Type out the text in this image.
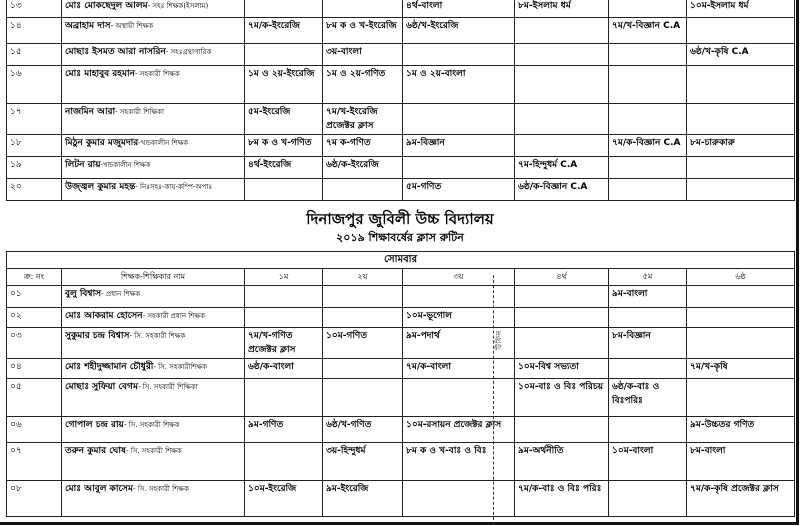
১৩	মোঃ মোকছেদুল আলম- সহঃ শিক্ষক(ইসলাম)			৪র্থ-বাংলা	৮ম-ইসলাম ধর্ম		১০ম-ইসলাম ধর্ম
১৪	অব্রাহাম দাস- অস্থায়ী শিক্ষক	৭ম/ক-ইংরেজি	৮ম ক ও খ-ইংরেজি	৬ষ্ঠ/খ-ইংরেজি		৭ম/খ-বিজ্ঞান C.A	
১৫	মোছাঃ ইসমত আরা নাসরিন- সহঃগ্রন্থাগারিক		৩য়-বাংলা				৬ষ্ঠ/খ-কৃষি C.A
১৬	মোঃ মাহাবুব রহমান- সহকারী শিক্ষক	১ম ও ২য়-ইংরেজি	১ম ও ২য়-গণিত	১ম ও ২য়-বাংলা			
১৭	নাজমিন আরা- সহকারী শিক্ষিকা	৫ম-ইংরেজি	৭ম/খ-ইংরেজি প্রজেক্টর ক্লাস				
১৮	মিঠুন কুমার মজুমদার-খন্ডকালীন শিক্ষক	৮ম ক ও খ-গণিত	৭ম ক-গণিত	৯ম-বিজ্ঞান		৭ম/ক-বিজ্ঞান C.A	৮ম-চারুকারু
১৯	লিটন রায়-খন্ডকালীন শিক্ষক	৪র্থ-ইংরেজি	৬ষ্ঠ/ক-ইংরেজি		৭ম-হিন্দুধর্ম C.A		
২০	উজ্জ্বল কুমার মহন্ত- নিঃসহঃ-কায-কম্পি-অপাঃ			৫ম-গণিত	৬ষ্ঠ/ক-বিজ্ঞান C.A		
দিনাজপুর জুবিলী উচ্চ বিদ্যালয়
২০১৯ শিক্ষাবর্ষের ক্লাস রুটিন
সোমবার							
ক্র: নং	শিক্ষক-শিক্ষিকার নাম	১ম	২য়	৩য়	৪র্থ	৫ম	৬ষ্ঠ
০১	বুলু বিশ্বাস- প্রধান শিক্ষক					৯ম-বাংলা	
০২	মোঃ আকরাম হোসেন- সহকারী প্রধান শিক্ষক			১০ম-ভূগোল			
০৩	সুকুমার চন্দ্র বিশ্বাস- সি. সহকারী শিক্ষক	৭ম/খ-গণিত প্রজেক্টর ক্লাস	১০ম-গণিত	৯ম-পদার্থ		৮ম-বিজ্ঞান	
০৪	মোঃ শহীদুজ্জামান চৌধুরী- সি. সহকারীশিক্ষক	৬ষ্ঠ/ক-বাংলা		৭ম/ক-বাংলা	১০ম-বিশ্ব সভ্যতা		৭ম/খ-কৃষি
০৫	মোছাঃ সুফিয়া বেগম- সি. সহকারী শিক্ষিকা				১০ম-বাঃ ও বিঃ পরিচয়	৬ষ্ঠ/ক-বাঃ ও বিঃপরিঃ	
০৬	গোপাল চন্দ্র রায়- সি. সহকারী শিক্ষক	৯ম-গণিত	৬ষ্ঠ/খ-গণিত	১০ম-রসায়ন প্রজেক্টর ক্লাস			৯ম-উচ্চতর গণিত
০৭	তরুন কুমার ঘোষ- সি. সহকারী শিক্ষক		৩য়-হিন্দুধর্ম	৮ম ক ও খ-বাঃ ও বিঃ	৯ম-অর্থনীতি	১০ম-বাংলা	৮ম-বাংলা
০৮	মোঃ আবুল কাসেম- সি. সহকারী শিক্ষক	১০ম-ইংরেজি	৯ম-ইংরেজি		৭ম/ক-বাঃ ও বিঃ পরিঃ		৭ম/ক-কৃষি প্রজেক্টর ক্লাস
টিফিন
